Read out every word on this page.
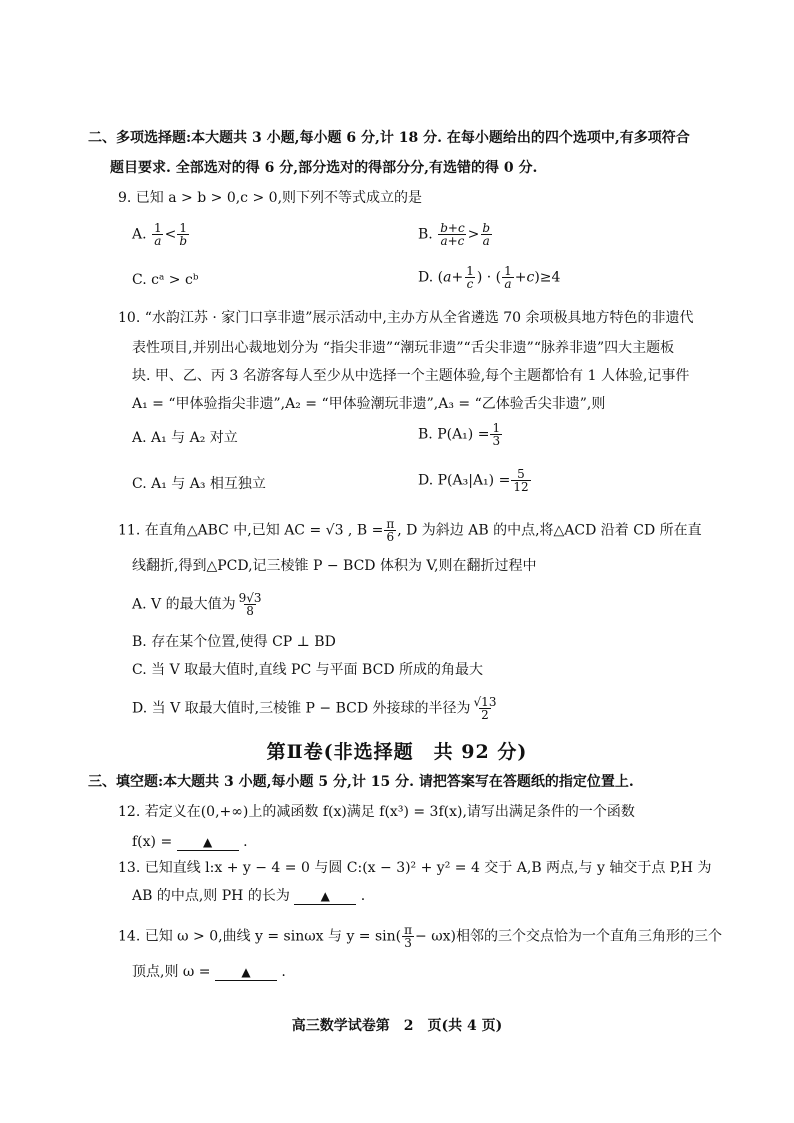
二、多项选择题:本大题共 3 小题,每小题 6 分,计 18 分. 在每小题给出的四个选项中,有多项符合
题目要求. 全部选对的得 6 分,部分选对的得部分分,有选错的得 0 分.
9. 已知 a > b > 0,c > 0,则下列不等式成立的是
A. $\frac{1}{a} < \frac{1}{b}$	B. $\frac{b+c}{a+c} > \frac{b}{a}$
C. cᵃ > cᵇ	D. ($a+ \frac{1}{c}$ ) · ( $\frac{1}{a} +c)\ge 4$
10. “水韵江苏 · 家门口享非遗”展示活动中,主办方从全省遴选 70 余项极具地方特色的非遗代
表性项目,并别出心裁地划分为 “指尖非遗”“潮玩非遗”“舌尖非遗”“脉养非遗”四大主题板
块. 甲、乙、丙 3 名游客每人至少从中选择一个主题体验,每个主题都恰有 1 人体验,记事件
A₁ = “甲体验指尖非遗”,A₂ = “甲体验潮玩非遗”,A₃ = “乙体验舌尖非遗”,则
A. A₁ 与 A₂ 对立	B. $P(A_1) = \frac{1}{3}$
C. A₁ 与 A₃ 相互独立	D. $P(A_3|A_1) = \frac{5}{12}$
11. 在直角△ABC 中,已知 AC = √3 , $B = \frac{\pi}{6}$ , D 为斜边 AB 的中点,将△ACD 沿着 CD 所在直
线翻折,得到△PCD,记三棱锥 P − BCD 体积为 V,则在翻折过程中
A. V 的最大值为 $\frac{9√3}{8}$
B. 存在某个位置,使得 CP ⊥ BD
C. 当 V 取最大值时,直线 PC 与平面 BCD 所成的角最大
D. 当 V 取最大值时,三棱锥 P − BCD 外接球的半径为 $\frac{√13}{2}$
第Ⅱ卷(非选择题　共 92 分)
三、填空题:本大题共 3 小题,每小题 5 分,计 15 分. 请把答案写在答题纸的指定位置上.
12. 若定义在(0,+∞)上的减函数 f(x)满足 f(x³) = 3f(x),请写出满足条件的一个函数
f(x) =	▲ .
13. 已知直线 l:x + y − 4 = 0 与圆 C:(x − 3)² + y² = 4 交于 A,B 两点,与 y 轴交于点 P,H 为
AB 的中点,则 PH 的长为	▲ .
14. 已知 ω > 0,曲线 y = sinωx 与 $y = \sin( \frac{\pi}{3} - \omega x)$相邻的三个交点恰为一个直角三角形的三个
顶点,则 ω =	▲ .
高三数学试卷第　2　页(共 4 页)
